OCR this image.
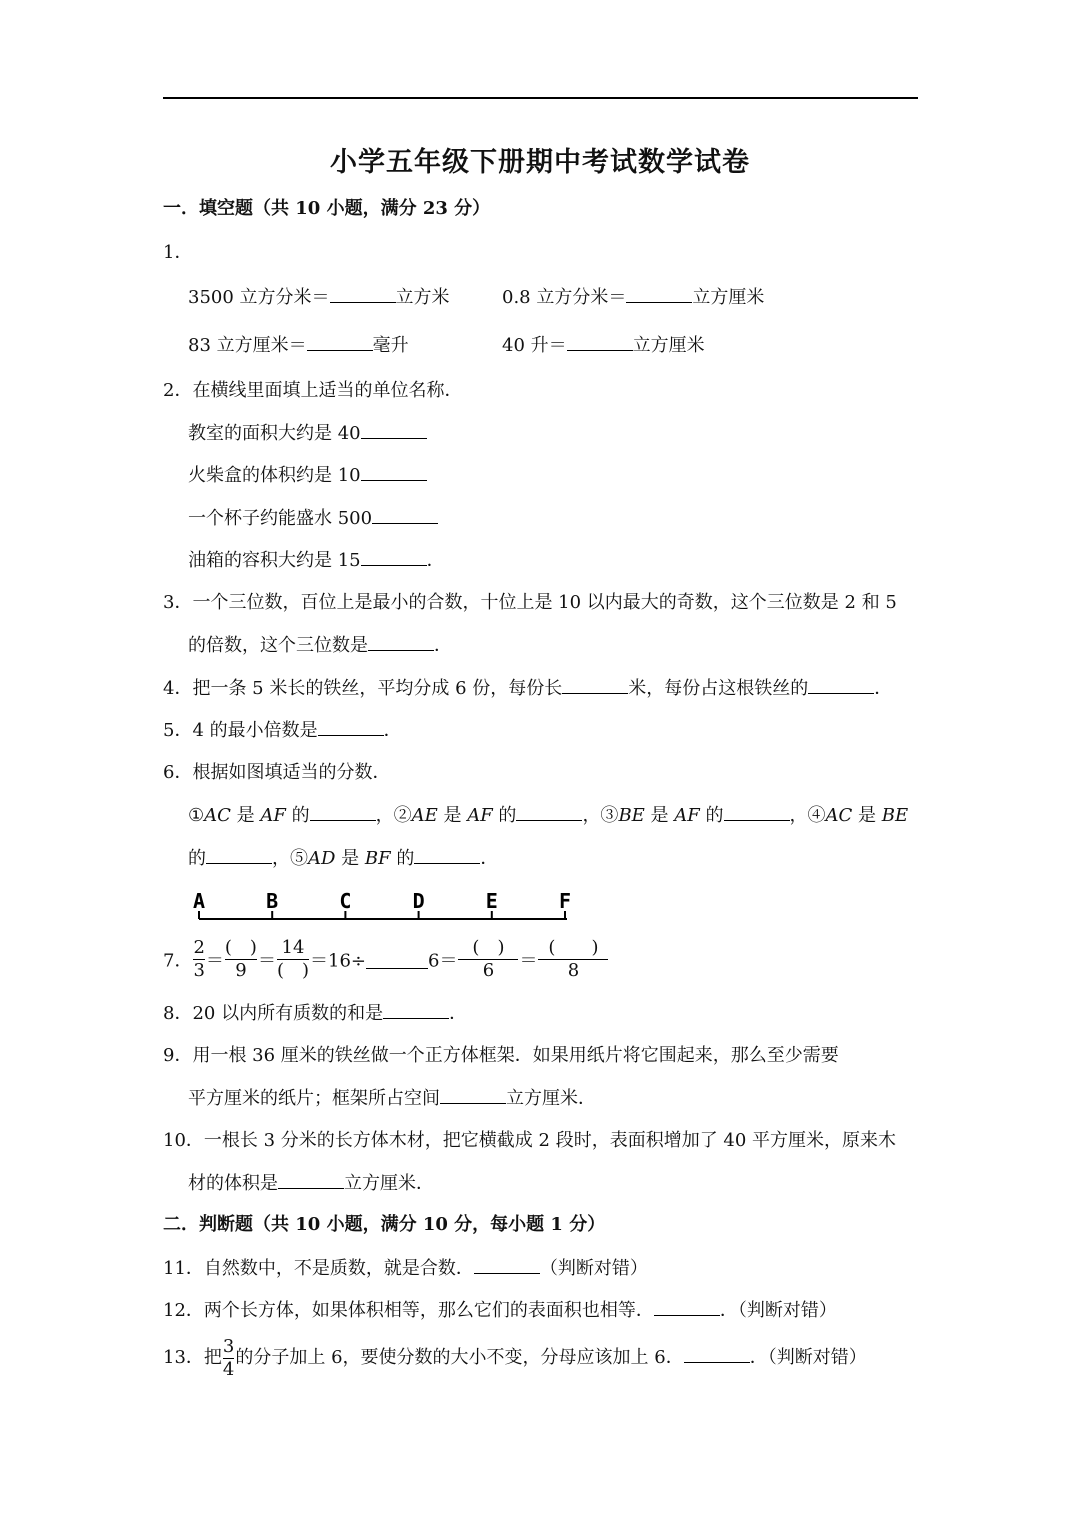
小学五年级下册期中考试数学试卷
一．填空题（共 10 小题，满分 23 分）
1．
3500 立方分米＝	立方米	0.8 立方分米＝	立方厘米
83 立方厘米＝	毫升	40 升＝	立方厘米
2．在横线里面填上适当的单位名称．
教室的面积大约是 40
火柴盒的体积约是 10
一个杯子约能盛水 500
油箱的容积大约是 15	．
3．一个三位数，百位上是最小的合数，十位上是 10 以内最大的奇数，这个三位数是 2 和 5
的倍数，这个三位数是	．
4．把一条 5 米长的铁丝，平均分成 6 份，每份长	米，每份占这根铁丝的	．
5．4 的最小倍数是	．
6．根据如图填适当的分数．
①AC 是 AF 的	，②AE 是 AF 的	，③BE 是 AF 的	，④AC 是 BE
的	，⑤AD 是 BF 的	．
A	B	C	D	E	F
7． $\frac{2}{3} = \frac{( )}{9} = \frac{14}{( )} =16\div$	$6= \frac{( )}{6} = \frac{( )}{8}$
8．20 以内所有质数的和是	．
9．用一根 36 厘米的铁丝做一个正方体框架．如果用纸片将它围起来，那么至少需要
平方厘米的纸片；框架所占空间	立方厘米．
10．一根长 3 分米的长方体木材，把它横截成 2 段时，表面积增加了 40 平方厘米，原来木
材的体积是	立方厘米．
二．判断题（共 10 小题，满分 10 分，每小题 1 分）
11．自然数中，不是质数，就是合数．	（判断对错）
12．两个长方体，如果体积相等，那么它们的表面积也相等．	．（判断对错）
13．把 $\frac{3}{4}$ 的分子加上 6，要使分数的大小不变，分母应该加上 6．	．（判断对错）
